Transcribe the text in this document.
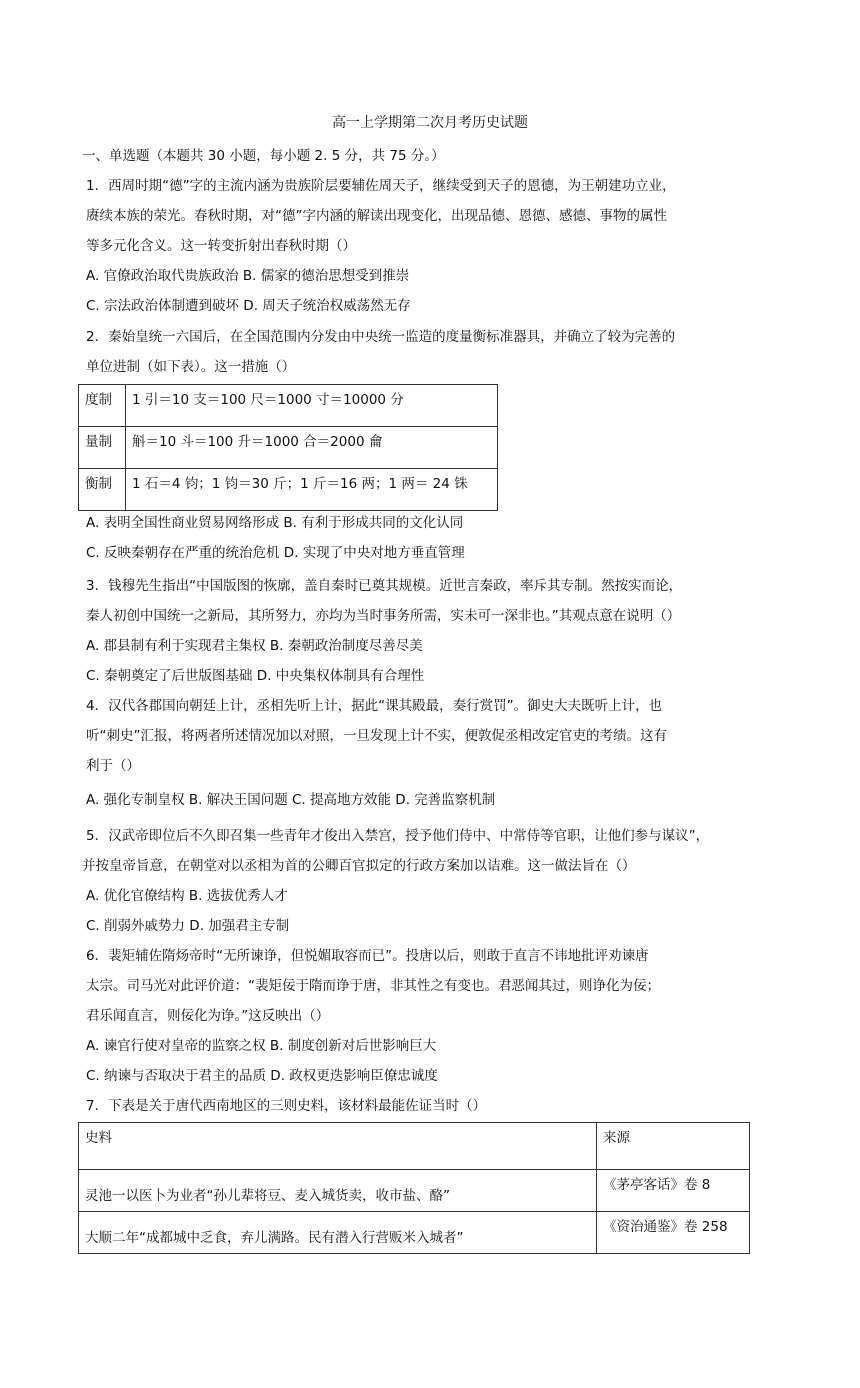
高一上学期第二次月考历史试题
一、单选题（本题共 30 小题，每小题 2. 5 分，共 75 分。）
1．西周时期“德”字的主流内涵为贵族阶层要辅佐周天子，继续受到天子的恩德，为王朝建功立业，
赓续本族的荣光。春秋时期，对“德”字内涵的解读出现变化，出现品德、恩德、感德、事物的属性
等多元化含义。这一转变折射出春秋时期（）
A. 官僚政治取代贵族政治 B. 儒家的德治思想受到推崇
C. 宗法政治体制遭到破坏 D. 周天子统治权威荡然无存
2．秦始皇统一六国后，在全国范围内分发由中央统一监造的度量衡标准器具，并确立了较为完善的
单位进制（如下表）。这一措施（）
度制	1 引＝10 支＝100 尺＝1000 寸＝10000 分
量制	斛＝10 斗＝100 升＝1000 合＝2000 龠
衡制	1 石＝4 钧；1 钧＝30 斤；1 斤＝16 两；1 两＝ 24 铢
A. 表明全国性商业贸易网络形成 B. 有利于形成共同的文化认同
C. 反映秦朝存在严重的统治危机 D. 实现了中央对地方垂直管理
3．钱穆先生指出“中国版图的恢廓，盖自秦时已奠其规模。近世言秦政，率斥其专制。然按实而论，
秦人初创中国统一之新局，其所努力，亦均为当时事务所需，实未可一深非也。”其观点意在说明（）
A. 郡县制有利于实现君主集权 B. 秦朝政治制度尽善尽美
C. 秦朝奠定了后世版图基础 D. 中央集权体制具有合理性
4．汉代各郡国向朝廷上计，丞相先听上计，据此“课其殿最，奏行赏罚”。御史大夫既听上计，也
听“刺史”汇报，将两者所述情况加以对照，一旦发现上计不实，便敦促丞相改定官吏的考绩。这有
利于（）
A. 强化专制皇权 B. 解决王国问题 C. 提高地方效能 D. 完善监察机制
5．汉武帝即位后不久即召集一些青年才俊出入禁宫，授予他们侍中、中常侍等官职，让他们参与谋议”，
并按皇帝旨意，在朝堂对以丞相为首的公卿百官拟定的行政方案加以诘难。这一做法旨在（）
A. 优化官僚结构 B. 选拔优秀人才
C. 削弱外戚势力 D. 加强君主专制
6．裴矩辅佐隋炀帝时“无所谏诤，但悦媚取容而已”。投唐以后，则敢于直言不讳地批评劝谏唐
太宗。司马光对此评价道：“裴矩佞于隋而诤于唐，非其性之有变也。君恶闻其过，则诤化为佞；
君乐闻直言，则佞化为诤。”这反映出（）
A. 谏官行使对皇帝的监察之权 B. 制度创新对后世影响巨大
C. 纳谏与否取决于君主的品质 D. 政权更迭影响臣僚忠诚度
7．下表是关于唐代西南地区的三则史料，该材料最能佐证当时（）
史料	来源
灵池一以医卜为业者“孙儿辈将豆、麦入城货卖，收市盐、酪”	《茅亭客话》卷 8
大顺二年“成都城中乏食，弃儿满路。民有潜入行营贩米入城者”	《资治通鉴》卷 258
